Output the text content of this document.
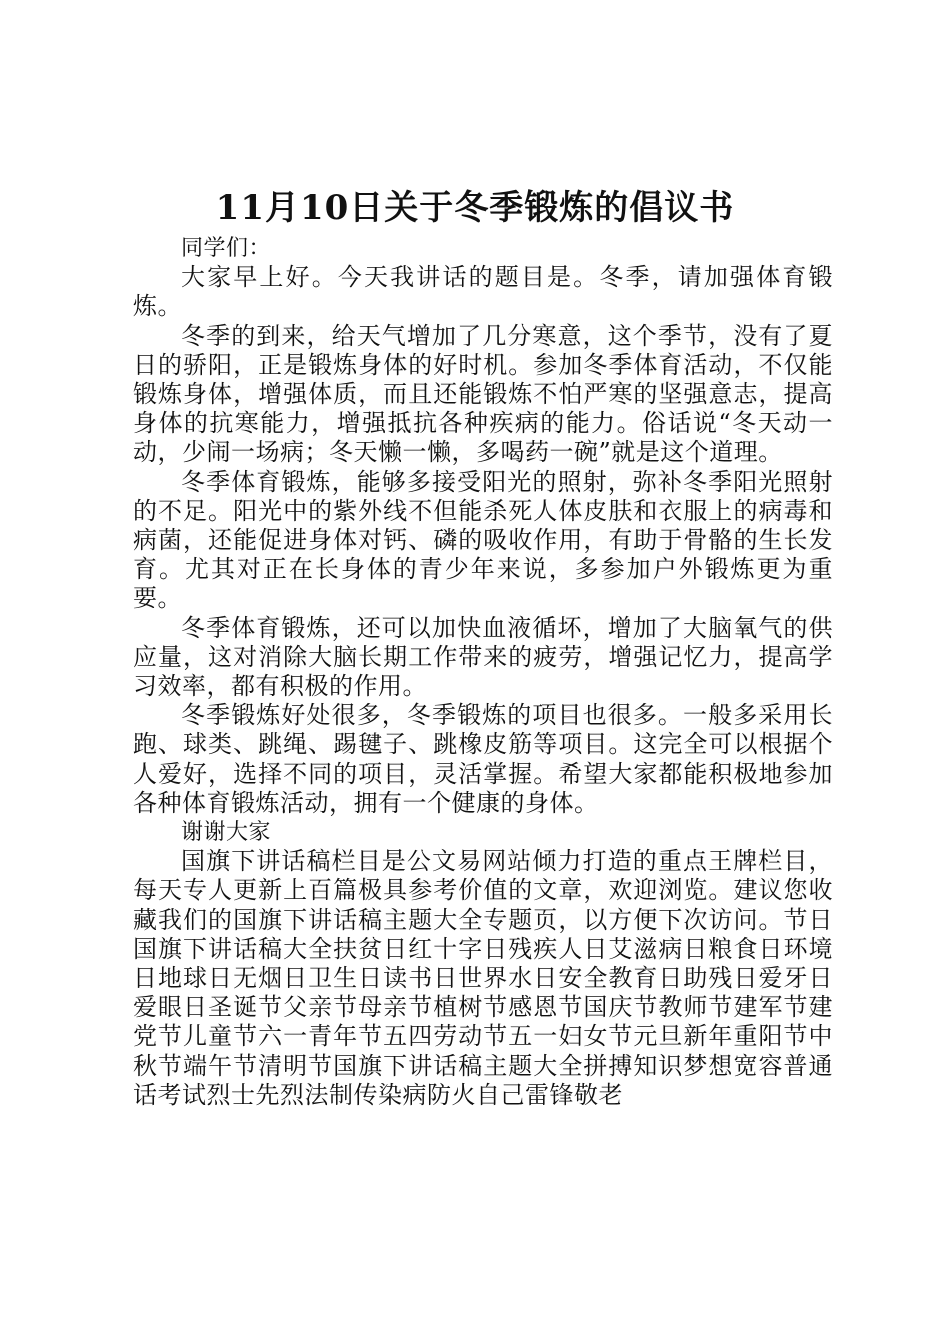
11月10日关于冬季锻炼的倡议书

同学们：

大家早上好。今天我讲话的题目是。冬季，请加强体育锻炼。

冬季的到来，给天气增加了几分寒意，这个季节，没有了夏日的骄阳，正是锻炼身体的好时机。参加冬季体育活动，不仅能锻炼身体，增强体质，而且还能锻炼不怕严寒的坚强意志，提高身体的抗寒能力，增强抵抗各种疾病的能力。俗话说“冬天动一动，少闹一场病；冬天懒一懒，多喝药一碗”就是这个道理。

冬季体育锻炼，能够多接受阳光的照射，弥补冬季阳光照射的不足。阳光中的紫外线不但能杀死人体皮肤和衣服上的病毒和病菌，还能促进身体对钙、磷的吸收作用，有助于骨骼的生长发育。尤其对正在长身体的青少年来说，多参加户外锻炼更为重要。

冬季体育锻炼，还可以加快血液循坏，增加了大脑氧气的供应量，这对消除大脑长期工作带来的疲劳，增强记忆力，提高学习效率，都有积极的作用。

冬季锻炼好处很多，冬季锻炼的项目也很多。一般多采用长跑、球类、跳绳、踢毽子、跳橡皮筋等项目。这完全可以根据个人爱好，选择不同的项目，灵活掌握。希望大家都能积极地参加各种体育锻炼活动，拥有一个健康的身体。

谢谢大家

国旗下讲话稿栏目是公文易网站倾力打造的重点王牌栏目，每天专人更新上百篇极具参考价值的文章，欢迎浏览。建议您收藏我们的国旗下讲话稿主题大全专题页，以方便下次访问。节日国旗下讲话稿大全扶贫日红十字日残疾人日艾滋病日粮食日环境日地球日无烟日卫生日读书日世界水日安全教育日助残日爱牙日爱眼日圣诞节父亲节母亲节植树节感恩节国庆节教师节建军节建党节儿童节六一青年节五四劳动节五一妇女节元旦新年重阳节中秋节端午节清明节国旗下讲话稿主题大全拼搏知识梦想宽容普通话考试烈士先烈法制传染病防火自己雷锋敬老
